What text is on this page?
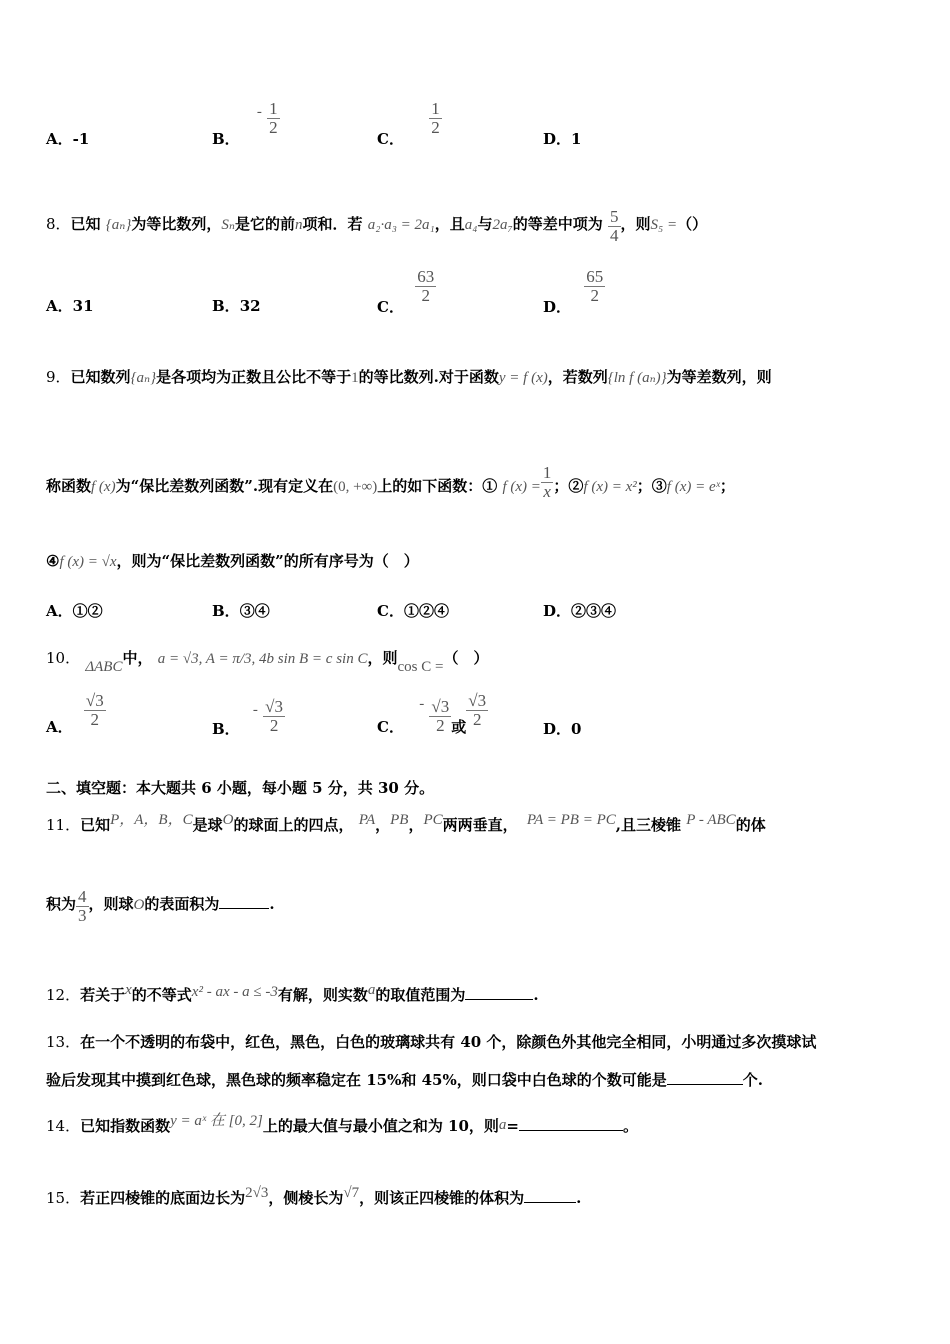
A．-1	B． - $\frac{1}{2}$
C．
$\frac{1}{2}$
D．1
8．已知 {aₙ}为等比数列，Sₙ是它的前n项和．若 a₂·a₃ = 2a₁，且a₄与2a₇的等差中项为 $\frac{5}{4}$ ，则S₅ =（）
A．31	B．32	C．
$\frac{63}{2}$
D．
$\frac{65}{2}$
9．已知数列{aₙ}是各项均为正数且公比不等于1的等比数列.对于函数y = f (x)，若数列{ln f (aₙ)}为等差数列，则
称函数f (x)为“保比差数列函数”.现有定义在(0, +∞)上的如下函数：① f $(x) = \frac{1}{x}$ ；②f (x) = x²；③f (x) = eˣ；
④f (x) = √x，则为“保比差数列函数”的所有序号为（　）
A．①②	B．③④	C．①②④	D．②③④
10． ΔABC中， a = √3, A = π/3, 4b sin B = c sin C，则cos C =（　）
A． $\frac{√3}{2}$
B． - $\frac{√3}{2}$	C． - $\frac{√3}{2}$ 或 $\frac{√3}{2}$
D．0
二、填空题：本大题共 6 小题，每小题 5 分，共 30 分。
11．已知P，A，B，C是球O的球面上的四点， PA，PB，PC两两垂直， PA = PB = PC,且三棱锥 P - ABC的体
积为 $\frac{4}{3}$ ，则球O的表面积为	.
12．若关于x的不等式x² - ax - a ≤ -3有解，则实数a的取值范围为	.
13．在一个不透明的布袋中，红色，黑色，白色的玻璃球共有 40 个，除颜色外其他完全相同，小明通过多次摸球试
验后发现其中摸到红色球，黑色球的频率稳定在 15%和 45%，则口袋中白色球的个数可能是	个.
14．已知指数函数y = aˣ 在 [0, 2]上的最大值与最小值之和为 10，则a=	。
15．若正四棱锥的底面边长为2√3，侧棱长为√7，则该正四棱锥的体积为	.
